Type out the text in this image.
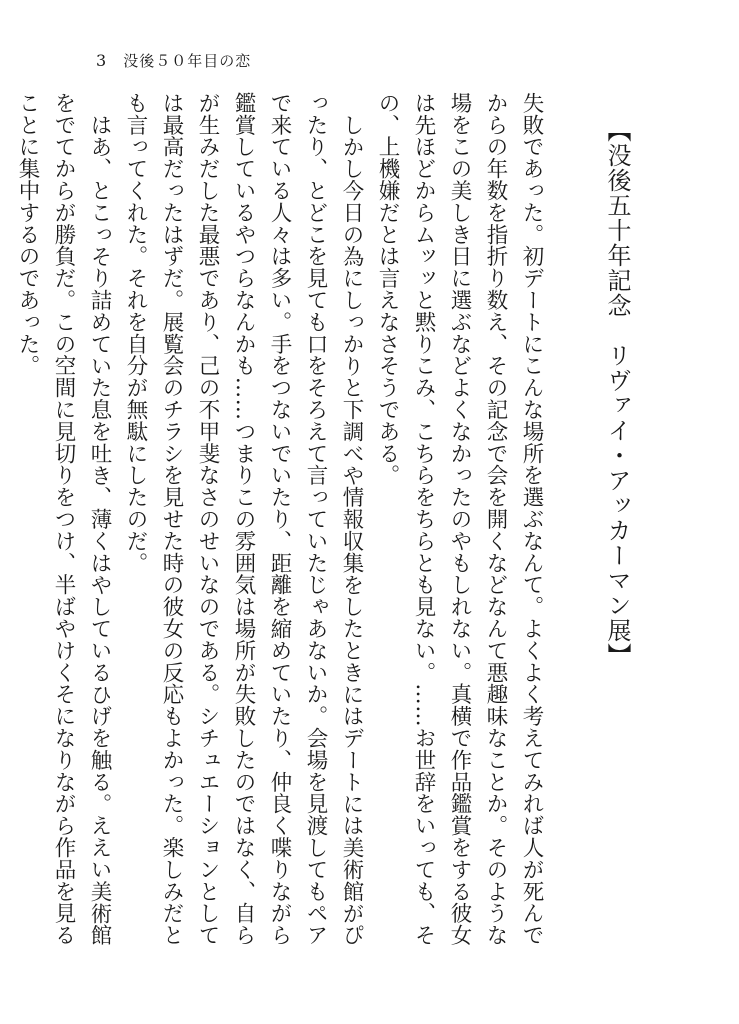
3 没後５０年目の恋
【没後五十年記念　リヴァイ・アッカーマン展】

失敗であった。初デートにこんな場所を選ぶなんて。よくよく考えてみれば人が死んでからの年数を指折り数え、その記念で会を開くなどなんて悪趣味なことか。そのような場をこの美しき日に選ぶなどよくなかったのやもしれない。真横で作品鑑賞をする彼女は先ほどからムッッと黙りこみ、こちらをちらとも見ない。……お世辞をいっても、その、上機嫌だとは言えなさそうである。

しかし今日の為にしっかりと下調べや情報収集をしたときにはデートには美術館がぴったり、とどこを見ても口をそろえて言っていたじゃあないか。会場を見渡してもペアで来ている人々は多い。手をつないでいたり、距離を縮めていたり、仲良く喋りながら鑑賞しているやつらなんかも……つまりこの雰囲気は場所が失敗したのではなく、自らが生みだした最悪であり、己の不甲斐なさのせいなのである。シチュエーションとしては最高だったはずだ。展覧会のチラシを見せた時の彼女の反応もよかった。楽しみだとも言ってくれた。それを自分が無駄にしたのだ。

はあ、とこっそり詰めていた息を吐き、薄くはやしているひげを触る。ええい美術館をでてからが勝負だ。この空間に見切りをつけ、半ばやけくそになりながら作品を見ることに集中するのであった。
